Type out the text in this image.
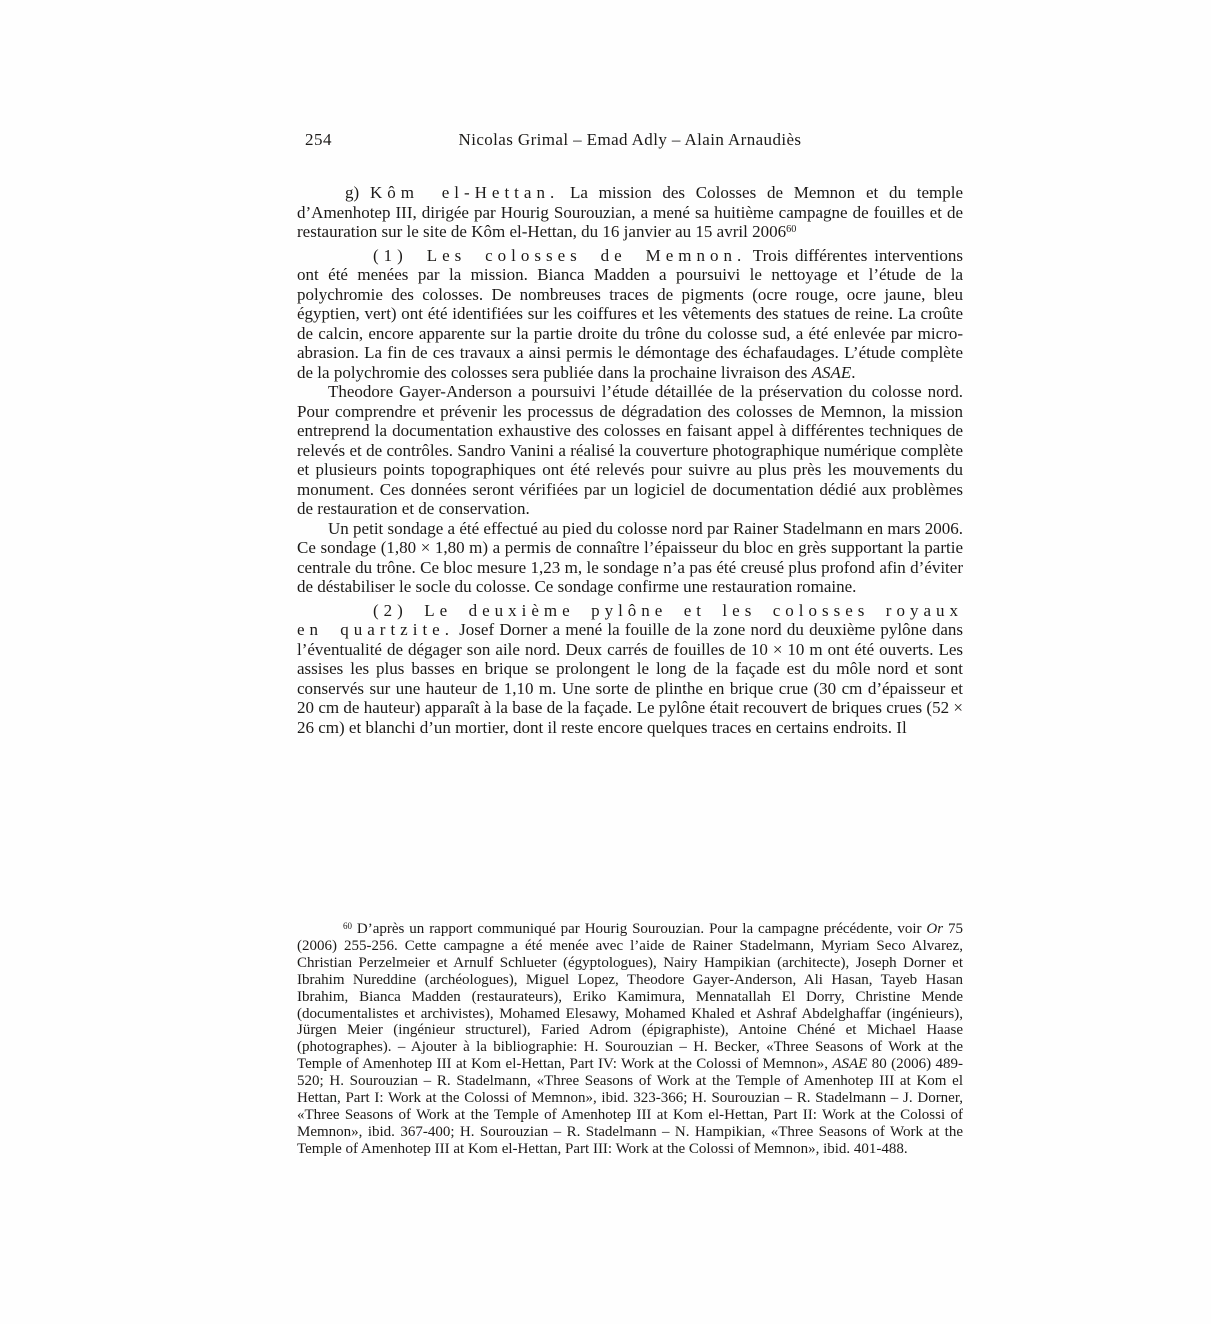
254	Nicolas Grimal – Emad Adly – Alain Arnaudiès

g) Kôm el-Hettan. La mission des Colosses de Memnon et du temple d’Amenhotep III, dirigée par Hourig Sourouzian, a mené sa huitième campagne de fouilles et de restauration sur le site de Kôm el-Hettan, du 16 janvier au 15 avril 2006$^{60}$

(1) Les colosses de Memnon. Trois différentes interventions ont été menées par la mission. Bianca Madden a poursuivi le nettoyage et l’étude de la polychromie des colosses. De nombreuses traces de pigments (ocre rouge, ocre jaune, bleu égyptien, vert) ont été identifiées sur les coiffures et les vêtements des statues de reine. La croûte de calcin, encore apparente sur la partie droite du trône du colosse sud, a été enlevée par micro-abrasion. La fin de ces travaux a ainsi permis le démontage des échafaudages. L’étude complète de la polychromie des colosses sera publiée dans la prochaine livraison des ASAE.

Theodore Gayer-Anderson a poursuivi l’étude détaillée de la préservation du colosse nord. Pour comprendre et prévenir les processus de dégradation des colosses de Memnon, la mission entreprend la documentation exhaustive des colosses en faisant appel à différentes techniques de relevés et de contrôles. Sandro Vanini a réalisé la couverture photographique numérique complète et plusieurs points topographiques ont été relevés pour suivre au plus près les mouvements du monument. Ces données seront vérifiées par un logiciel de documentation dédié aux problèmes de restauration et de conservation.

Un petit sondage a été effectué au pied du colosse nord par Rainer Stadelmann en mars 2006. Ce sondage (1,80 × 1,80 m) a permis de connaître l’épaisseur du bloc en grès supportant la partie centrale du trône. Ce bloc mesure 1,23 m, le sondage n’a pas été creusé plus profond afin d’éviter de déstabiliser le socle du colosse. Ce sondage confirme une restauration romaine.

(2) Le deuxième pylône et les colosses royaux en quartzite. Josef Dorner a mené la fouille de la zone nord du deuxième pylône dans l’éventualité de dégager son aile nord. Deux carrés de fouilles de 10 × 10 m ont été ouverts. Les assises les plus basses en brique se prolongent le long de la façade est du môle nord et sont conservés sur une hauteur de 1,10 m. Une sorte de plinthe en brique crue (30 cm d’épaisseur et 20 cm de hauteur) apparaît à la base de la façade. Le pylône était recouvert de briques crues (52 × 26 cm) et blanchi d’un mortier, dont il reste encore quelques traces en certains endroits. Il

$^{60}$ D’après un rapport communiqué par Hourig Sourouzian. Pour la campagne précédente, voir Or 75 (2006) 255-256. Cette campagne a été menée avec l’aide de Rainer Stadelmann, Myriam Seco Alvarez, Christian Perzelmeier et Arnulf Schlueter (égyptologues), Nairy Hampikian (architecte), Joseph Dorner et Ibrahim Nureddine (archéologues), Miguel Lopez, Theodore Gayer-Anderson, Ali Hasan, Tayeb Hasan Ibrahim, Bianca Madden (restaurateurs), Eriko Kamimura, Mennatallah El Dorry, Christine Mende (documentalistes et archivistes), Mohamed Elesawy, Mohamed Khaled et Ashraf Abdelghaffar (ingénieurs), Jürgen Meier (ingénieur structurel), Faried Adrom (épigraphiste), Antoine Chéné et Michael Haase (photographes). – Ajouter à la bibliographie: H. Sourouzian – H. Becker, «Three Seasons of Work at the Temple of Amenhotep III at Kom el-Hettan, Part IV: Work at the Colossi of Memnon», ASAE 80 (2006) 489-520; H. Sourouzian – R. Stadelmann, «Three Seasons of Work at the Temple of Amenhotep III at Kom el Hettan, Part I: Work at the Colossi of Memnon», ibid. 323-366; H. Sourouzian – R. Stadelmann – J. Dorner, «Three Seasons of Work at the Temple of Amenhotep III at Kom el-Hettan, Part II: Work at the Colossi of Memnon», ibid. 367-400; H. Sourouzian – R. Stadelmann – N. Hampikian, «Three Seasons of Work at the Temple of Amenhotep III at Kom el-Hettan, Part III: Work at the Colossi of Memnon», ibid. 401-488.
